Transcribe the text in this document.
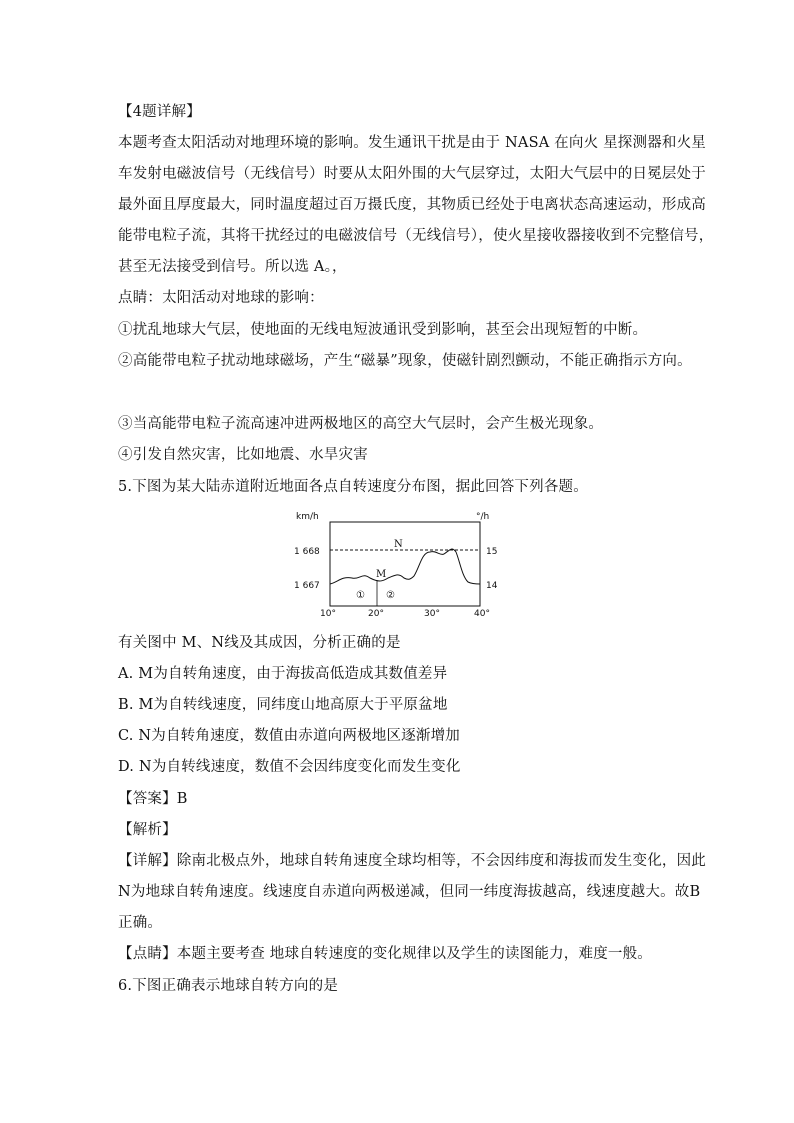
【4题详解】
本题考查太阳活动对地理环境的影响。发生通讯干扰是由于 NASA 在向火 星探测器和火星
车发射电磁波信号（无线信号）时要从太阳外围的大气层穿过，太阳大气层中的日冕层处于
最外面且厚度最大，同时温度超过百万摄氏度，其物质已经处于电离状态高速运动，形成高
能带电粒子流，其将干扰经过的电磁波信号（无线信号），使火星接收器接收到不完整信号，
甚至无法接受到信号。所以选 A。，
点睛：太阳活动对地球的影响：
①扰乱地球大气层，使地面的无线电短波通讯受到影响，甚至会出现短暂的中断。
②高能带电粒子扰动地球磁场，产生“磁暴”现象，使磁针剧烈颤动，不能正确指示方向。
③当高能带电粒子流高速冲进两极地区的高空大气层时，会产生极光现象。
④引发自然灾害，比如地震、水旱灾害
5.下图为某大陆赤道附近地面各点自转速度分布图，据此回答下列各题。
km/h	°/h
N
M
① ②
1 668
1 667
15
14
10°	20°	30°	40°
有关图中 M、N线及其成因，分析正确的是
A. M为自转角速度，由于海拔高低造成其数值差异
B. M为自转线速度，同纬度山地高原大于平原盆地
C. N为自转角速度，数值由赤道向两极地区逐渐增加
D. N为自转线速度，数值不会因纬度变化而发生变化
【答案】B
【解析】
【详解】除南北极点外，地球自转角速度全球均相等，不会因纬度和海拔而发生变化，因此
N为地球自转角速度。线速度自赤道向两极递减，但同一纬度海拔越高，线速度越大。故B
正确。
【点睛】本题主要考查 地球自转速度的变化规律以及学生的读图能力，难度一般。
6.下图正确表示地球自转方向的是
